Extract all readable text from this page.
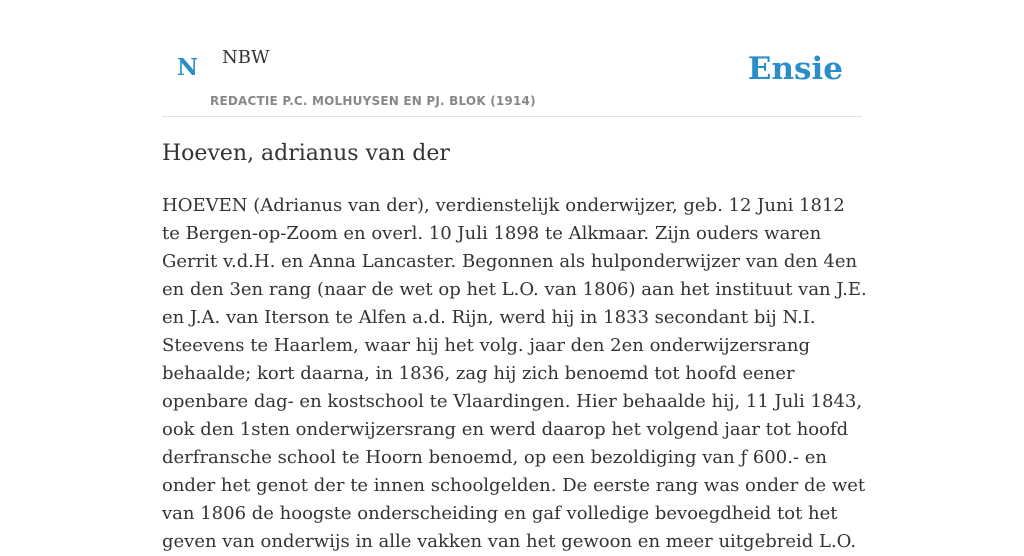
N NBW
REDACTIE P.C. MOLHUYSEN EN PJ. BLOK (1914)
Ensie
Hoeven, adrianus van der

HOEVEN (Adrianus van der), verdienstelijk onderwijzer, geb. 12 Juni 1812 te Bergen-op-Zoom en overl. 10 Juli 1898 te Alkmaar. Zijn ouders waren Gerrit v.d.H. en Anna Lancaster. Begonnen als hulponderwijzer van den 4en en den 3en rang (naar de wet op het L.O. van 1806) aan het instituut van J.E. en J.A. van Iterson te Alfen a.d. Rijn, werd hij in 1833 secondant bij N.I. Steevens te Haarlem, waar hij het volg. jaar den 2en onderwijzersrang behaalde; kort daarna, in 1836, zag hij zich benoemd tot hoofd eener openbare dag- en kostschool te Vlaardingen. Hier behaalde hij, 11 Juli 1843, ook den 1sten onderwijzersrang en werd daarop het volgend jaar tot hoofd derfransche school te Hoorn benoemd, op een bezoldiging van ƒ 600.- en onder het genot der te innen schoolgelden. De eerste rang was onder de wet van 1806 de hoogste onderscheiding en gaf volledige bevoegdheid tot het geven van onderwijs in alle vakken van het gewoon en meer uitgebreid L.O.
